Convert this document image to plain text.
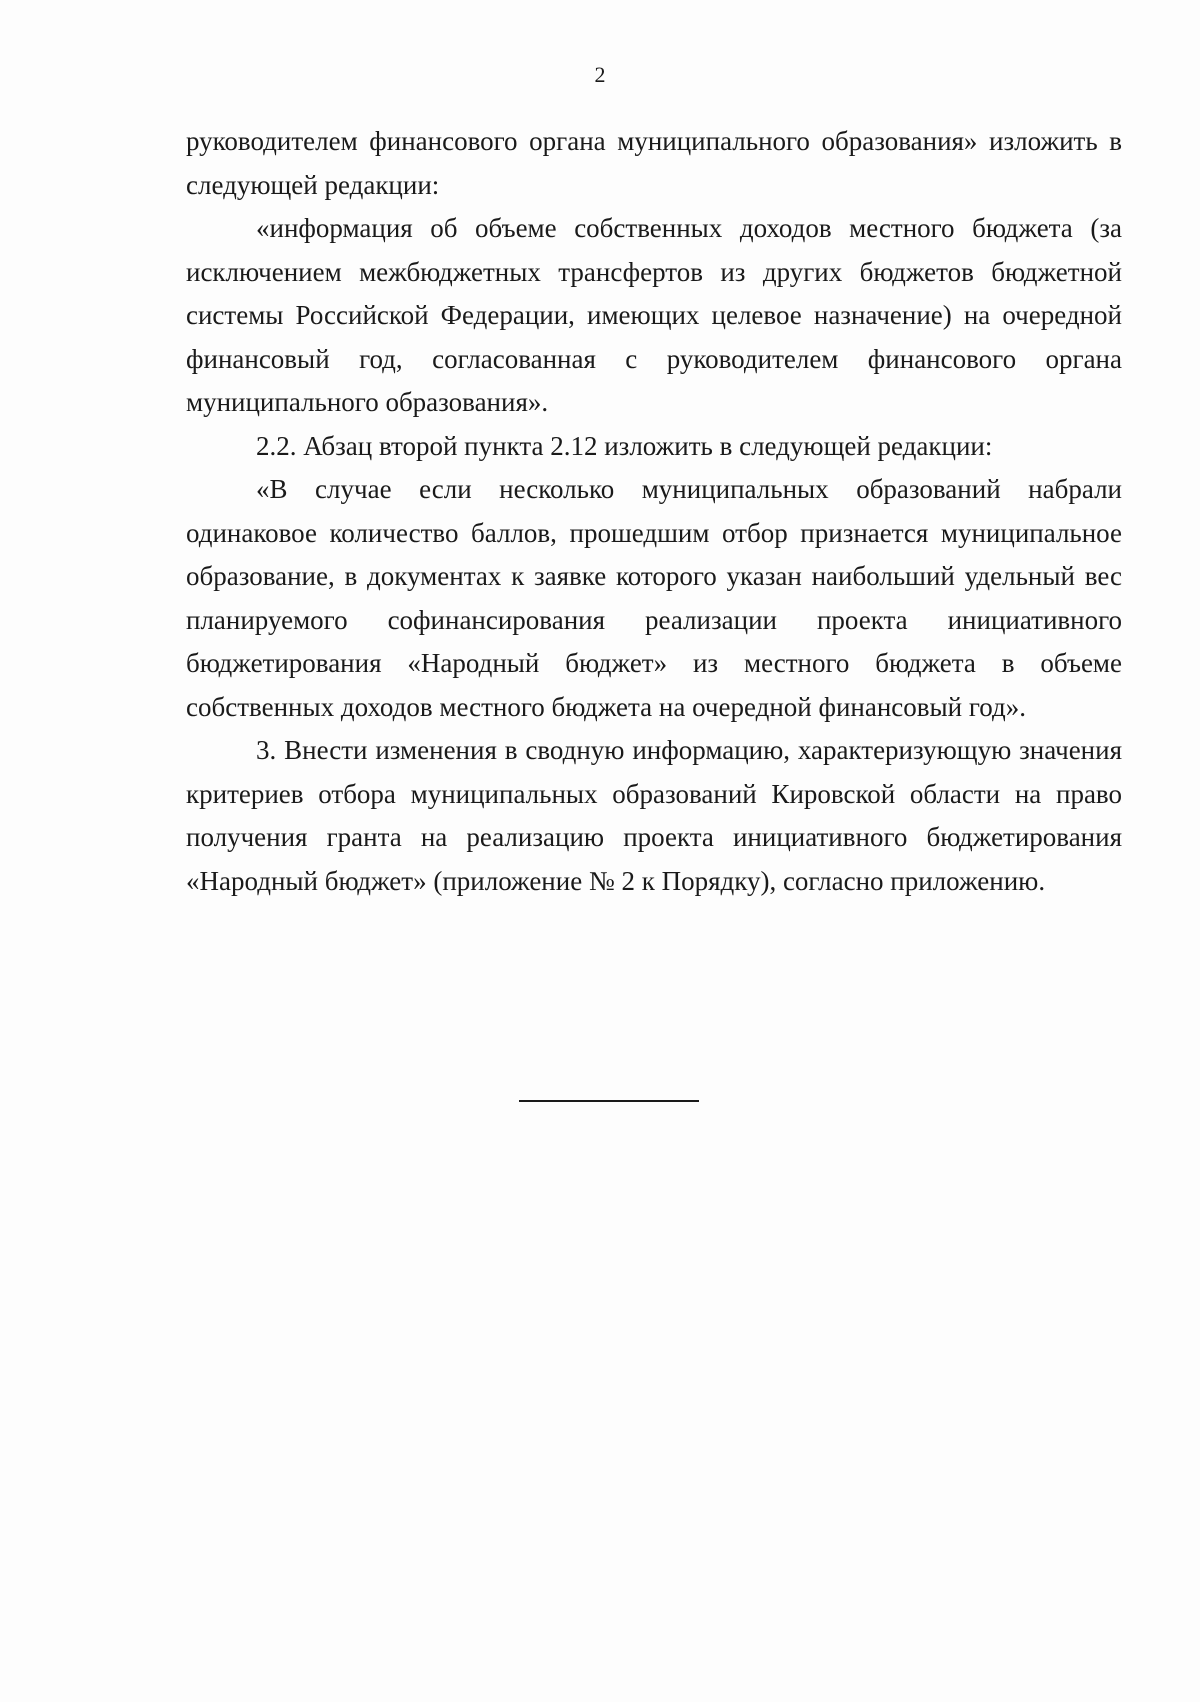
2

руководителем финансового органа муниципального образования» изложить в следующей редакции:

«информация об объеме собственных доходов местного бюджета (за исключением межбюджетных трансфертов из других бюджетов бюджетной системы Российской Федерации, имеющих целевое назначение) на очередной финансовый год, согласованная с руководителем финансового органа муниципального образования».

2.2. Абзац второй пункта 2.12 изложить в следующей редакции:

«В случае если несколько муниципальных образований набрали одинаковое количество баллов, прошедшим отбор признается муниципальное образование, в документах к заявке которого указан наибольший удельный вес планируемого софинансирования реализации проекта инициативного бюджетирования «Народный бюджет» из местного бюджета в объеме собственных доходов местного бюджета на очередной финансовый год».

3. Внести изменения в сводную информацию, характеризующую значения критериев отбора муниципальных образований Кировской области на право получения гранта на реализацию проекта инициативного бюджетирования «Народный бюджет» (приложение № 2 к Порядку), согласно приложению.
